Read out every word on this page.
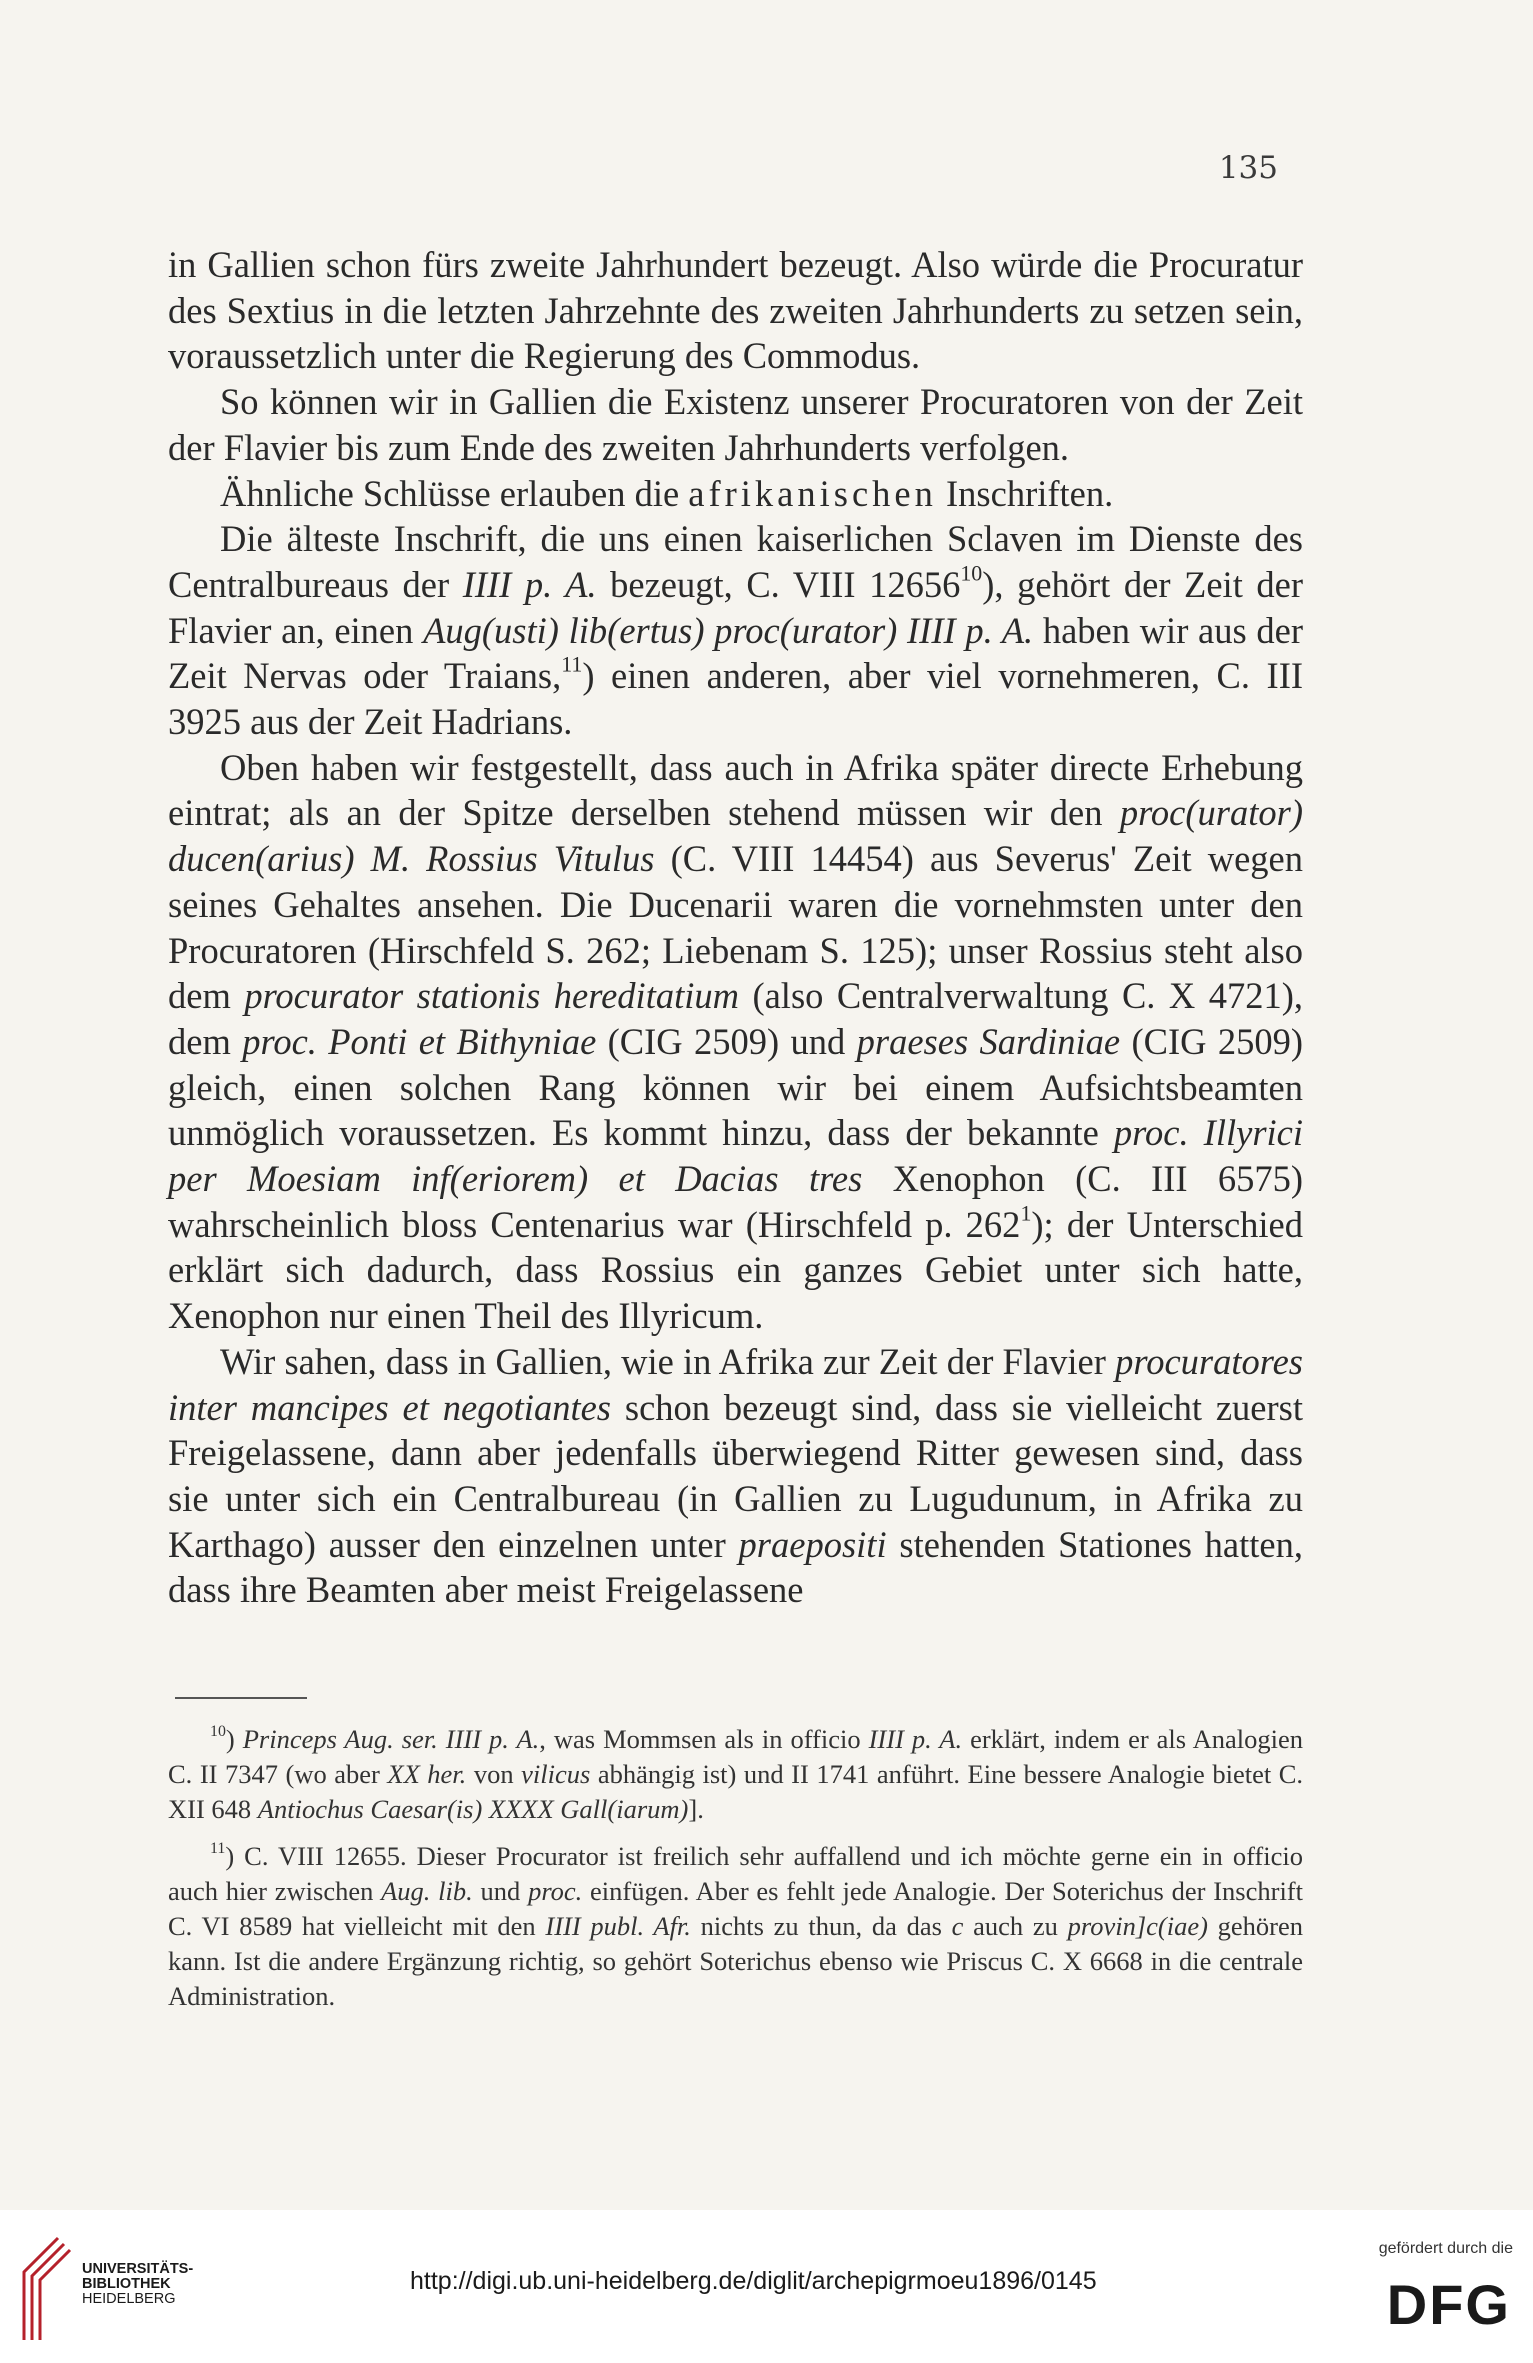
135

in Gallien schon fürs zweite Jahrhundert bezeugt. Also würde die Procuratur des Sextius in die letzten Jahrzehnte des zweiten Jahrhunderts zu setzen sein, voraussetzlich unter die Regierung des Commodus.

So können wir in Gallien die Existenz unserer Procuratoren von der Zeit der Flavier bis zum Ende des zweiten Jahrhunderts verfolgen.

Ähnliche Schlüsse erlauben die afrikanischen Inschriften.

Die älteste Inschrift, die uns einen kaiserlichen Sclaven im Dienste des Centralbureaus der IIII p. A. bezeugt, C. VIII 12656$^{10}$), gehört der Zeit der Flavier an, einen Aug(usti) lib(ertus) proc(urator) IIII p. A. haben wir aus der Zeit Nervas oder Traians,$^{11}$) einen anderen, aber viel vornehmeren, C. III 3925 aus der Zeit Hadrians.

Oben haben wir festgestellt, dass auch in Afrika später directe Erhebung eintrat; als an der Spitze derselben stehend müssen wir den proc(urator) ducen(arius) M. Rossius Vitulus (C. VIII 14454) aus Severus' Zeit wegen seines Gehaltes ansehen. Die Ducenarii waren die vornehmsten unter den Procuratoren (Hirschfeld S. 262; Liebenam S. 125); unser Rossius steht also dem procurator stationis hereditatium (also Centralverwaltung C. X 4721), dem proc. Ponti et Bithyniae (CIG 2509) und praeses Sardiniae (CIG 2509) gleich, einen solchen Rang können wir bei einem Aufsichtsbeamten unmöglich voraussetzen. Es kommt hinzu, dass der bekannte proc. Illyrici per Moesiam inf(eriorem) et Dacias tres Xenophon (C. III 6575) wahrscheinlich bloss Centenarius war (Hirschfeld p. $262^1$); der Unterschied erklärt sich dadurch, dass Rossius ein ganzes Gebiet unter sich hatte, Xenophon nur einen Theil des Illyricum.

Wir sahen, dass in Gallien, wie in Afrika zur Zeit der Flavier procuratores inter mancipes et negotiantes schon bezeugt sind, dass sie vielleicht zuerst Freigelassene, dann aber jedenfalls überwiegend Ritter gewesen sind, dass sie unter sich ein Centralbureau (in Gallien zu Lugudunum, in Afrika zu Karthago) ausser den einzelnen unter praepositi stehenden Stationes hatten, dass ihre Beamten aber meist Freigelassene

$^{10}$) Princeps Aug. ser. IIII p. A., was Mommsen als in officio IIII p. A. erklärt, indem er als Analogien C. II 7347 (wo aber XX her. von vilicus abhängig ist) und II 1741 anführt. Eine bessere Analogie bietet C. XII 648 Antiochus Caesar(is) XXXX Gall(iarum)].

$^{11}$) C. VIII 12655. Dieser Procurator ist freilich sehr auffallend und ich möchte gerne ein in officio auch hier zwischen Aug. lib. und proc. einfügen. Aber es fehlt jede Analogie. Der Soterichus der Inschrift C. VI 8589 hat vielleicht mit den IIII publ. Afr. nichts zu thun, da das c auch zu provin]c(iae) gehören kann. Ist die andere Ergänzung richtig, so gehört Soterichus ebenso wie Priscus C. X 6668 in die centrale Administration.

UNIVERSITÄTS-
BIBLIOTHEK
HEIDELBERG
http://digi.ub.uni-heidelberg.de/diglit/archepigrmoeu1896/0145
gefördert durch die
DFG
